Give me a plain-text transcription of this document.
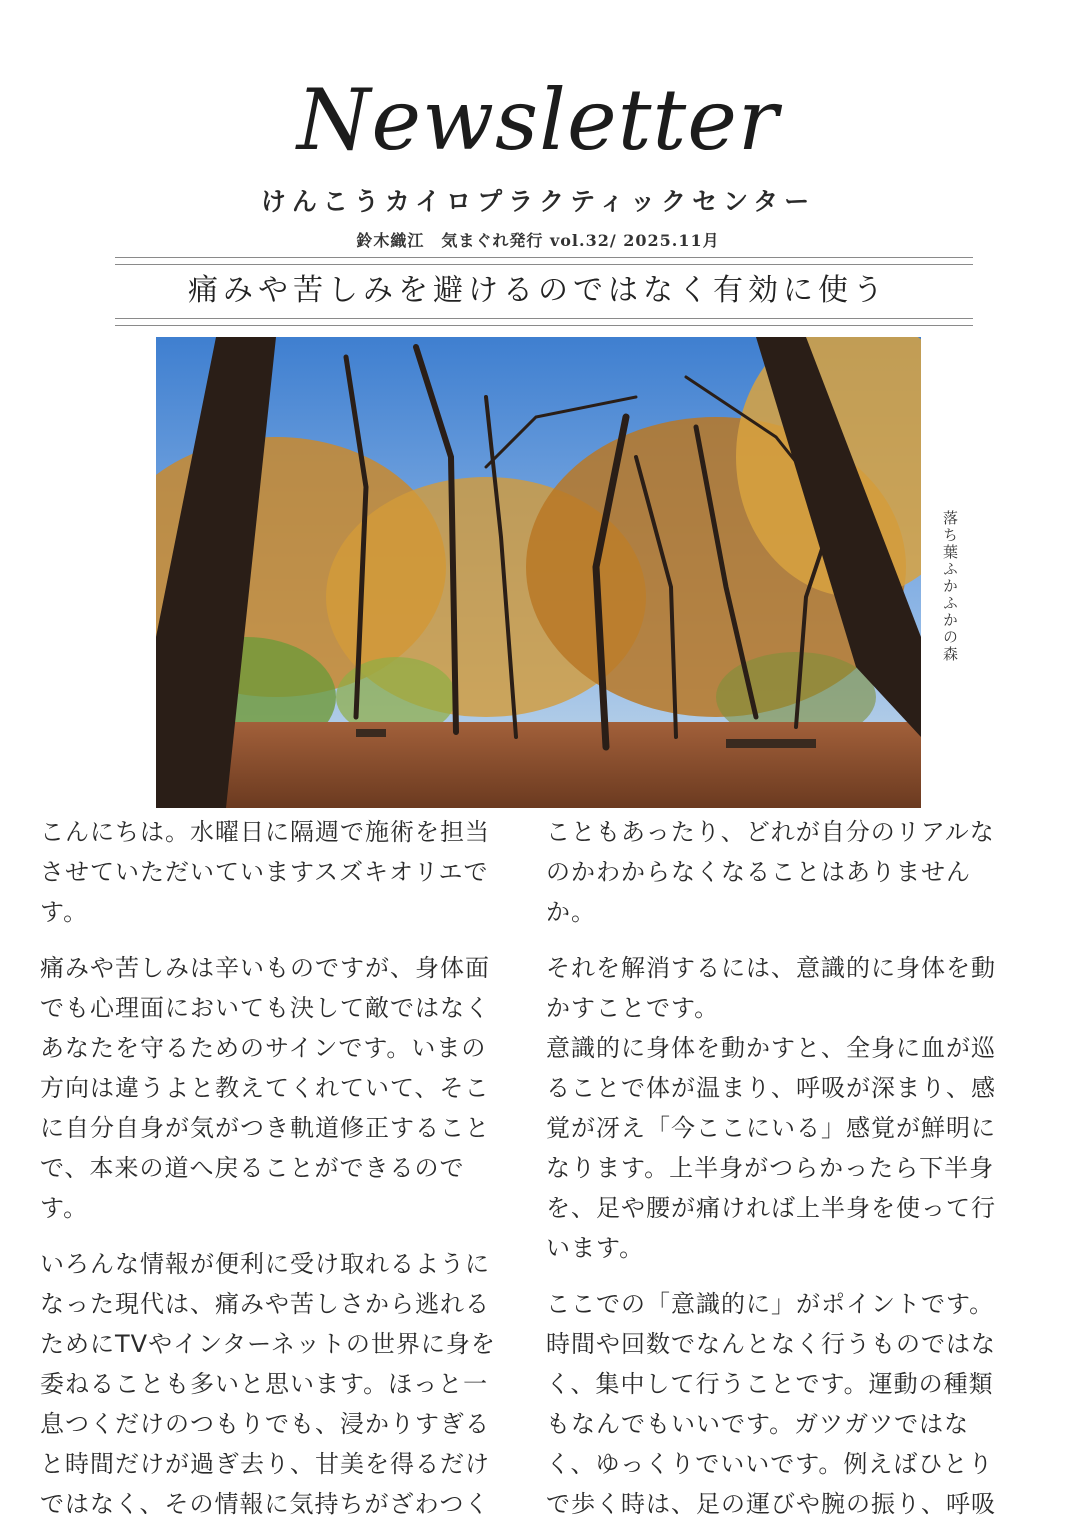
Newsletter
けんこうカイロプラクティックセンター
鈴木織江　気まぐれ発行 vol.32/ 2025.11月
痛みや苦しみを避けるのではなく有効に使う
落ち葉ふかふかの森

こんにちは。水曜日に隔週で施術を担当
させていただいていますスズキオリエで
す。

痛みや苦しみは辛いものですが、身体面
でも心理面においても決して敵ではなく
あなたを守るためのサインです。いまの
方向は違うよと教えてくれていて、そこ
に自分自身が気がつき軌道修正すること
で、本来の道へ戻ることができるので
す。

いろんな情報が便利に受け取れるように
なった現代は、痛みや苦しさから逃れる
ためにTVやインターネットの世界に身を
委ねることも多いと思います。ほっと一
息つくだけのつもりでも、浸かりすぎる
と時間だけが過ぎ去り、甘美を得るだけ
ではなく、その情報に気持ちがざわつく

こともあったり、どれが自分のリアルな
のかわからなくなることはありません
か。

それを解消するには、意識的に身体を動
かすことです。
意識的に身体を動かすと、全身に血が巡
ることで体が温まり、呼吸が深まり、感
覚が冴え「今ここにいる」感覚が鮮明に
なります。上半身がつらかったら下半身
を、足や腰が痛ければ上半身を使って行
います。

ここでの「意識的に」がポイントです。
時間や回数でなんとなく行うものではな
く、集中して行うことです。運動の種類
もなんでもいいです。ガツガツではな
く、ゆっくりでいいです。例えばひとり
で歩く時は、足の運びや腕の振り、呼吸
